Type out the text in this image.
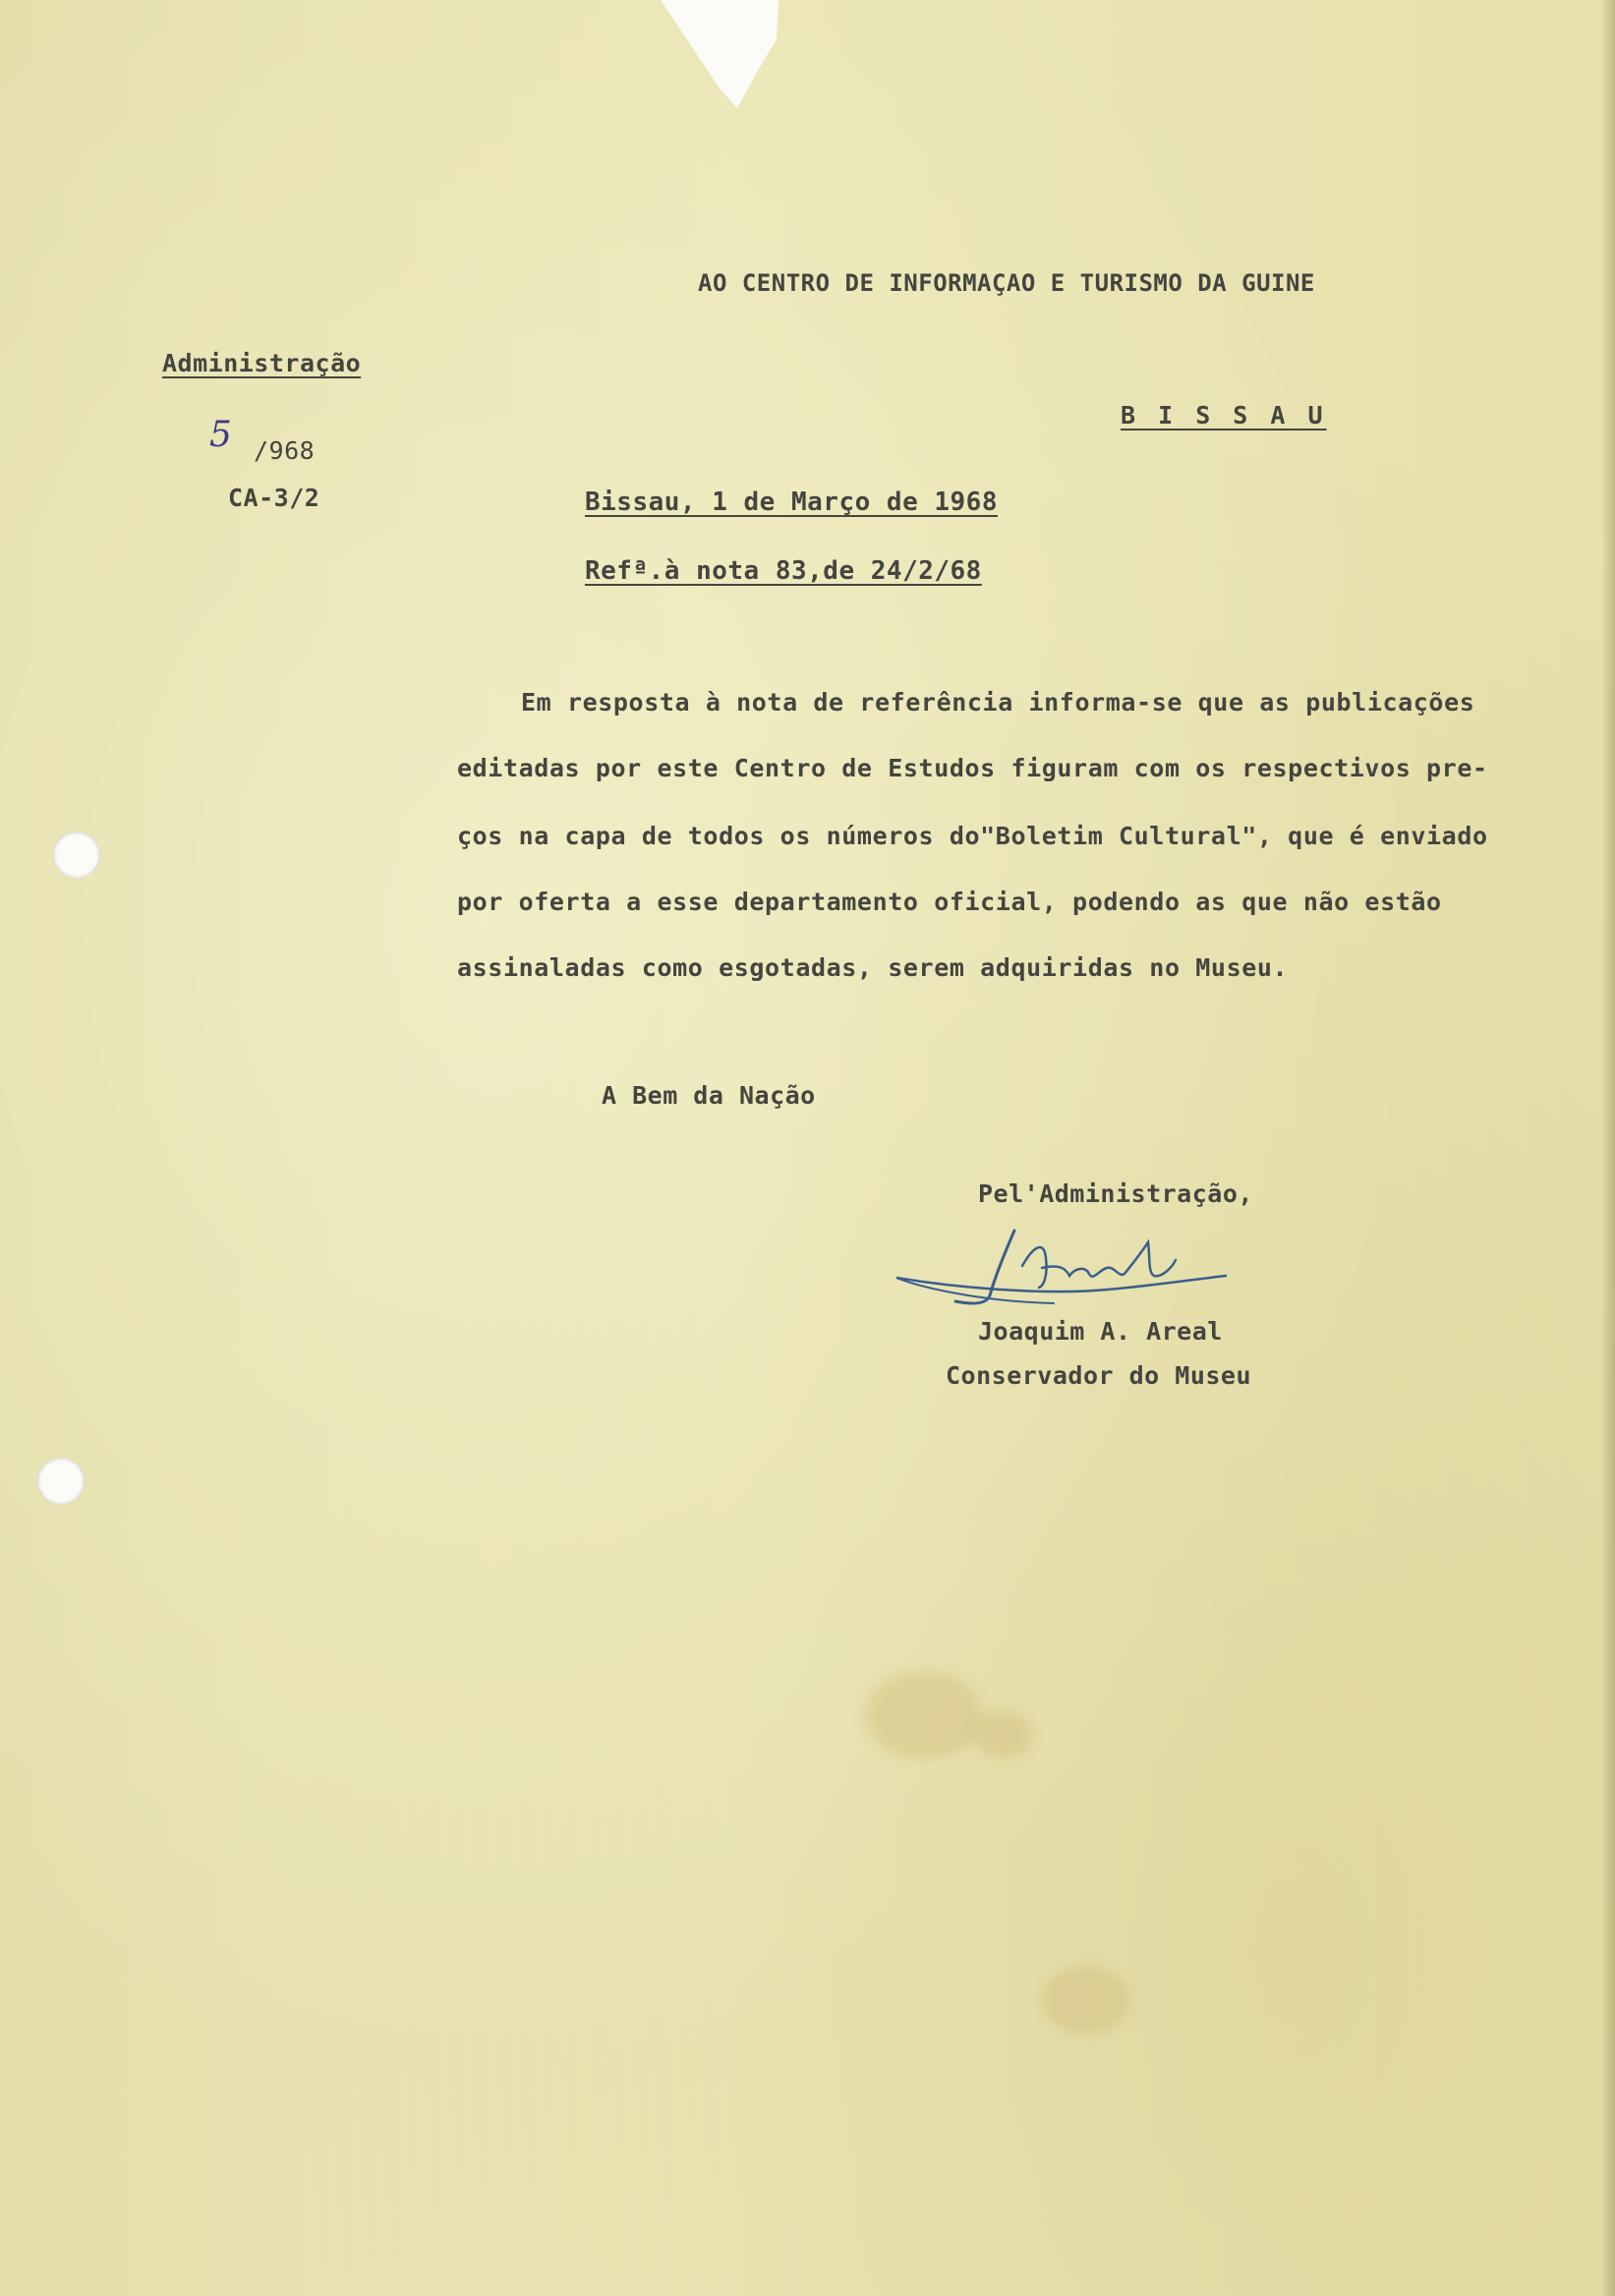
AO CENTRO DE INFORMAÇAO E TURISMO DA GUINE
Administração
B I S S A U
5 /968
CA-3/2	Bissau, 1 de Março de 1968
Refª.à nota 83,de 24/2/68
Em resposta à nota de referência informa-se que as publicações
editadas por este Centro de Estudos figuram com os respectivos pre-
ços na capa de todos os números do"Boletim Cultural", que é enviado
por oferta a esse departamento oficial, podendo as que não estão
assinaladas como esgotadas, serem adquiridas no Museu.
A Bem da Nação
Pel'Administração,
Joaquim A. Areal
Conservador do Museu
